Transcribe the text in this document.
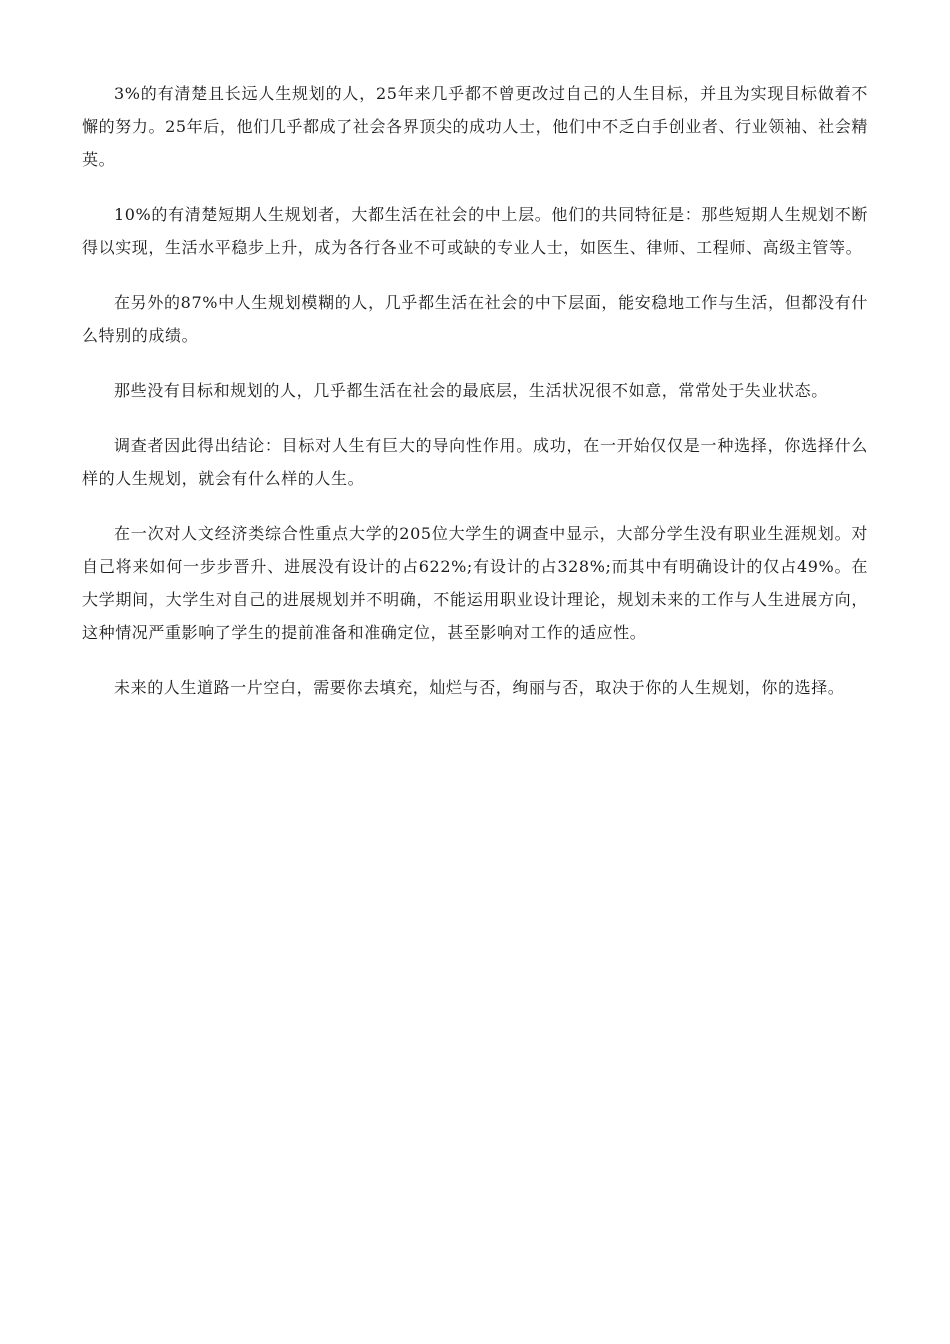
3%的有清楚且长远人生规划的人，25年来几乎都不曾更改过自己的人生目标，并且为实现目标做着不懈的努力。25年后，他们几乎都成了社会各界顶尖的成功人士，他们中不乏白手创业者、行业领袖、社会精英。

10%的有清楚短期人生规划者，大都生活在社会的中上层。他们的共同特征是：那些短期人生规划不断得以实现，生活水平稳步上升，成为各行各业不可或缺的专业人士，如医生、律师、工程师、高级主管等。

在另外的87%中人生规划模糊的人，几乎都生活在社会的中下层面，能安稳地工作与生活，但都没有什么特别的成绩。

那些没有目标和规划的人，几乎都生活在社会的最底层，生活状况很不如意，常常处于失业状态。

调查者因此得出结论：目标对人生有巨大的导向性作用。成功，在一开始仅仅是一种选择，你选择什么样的人生规划，就会有什么样的人生。

在一次对人文经济类综合性重点大学的205位大学生的调查中显示，大部分学生没有职业生涯规划。对自己将来如何一步步晋升、进展没有设计的占622%;有设计的占328%;而其中有明确设计的仅占49%。在大学期间，大学生对自己的进展规划并不明确，不能运用职业设计理论，规划未来的工作与人生进展方向，这种情况严重影响了学生的提前准备和准确定位，甚至影响对工作的适应性。

未来的人生道路一片空白，需要你去填充，灿烂与否，绚丽与否，取决于你的人生规划，你的选择。
